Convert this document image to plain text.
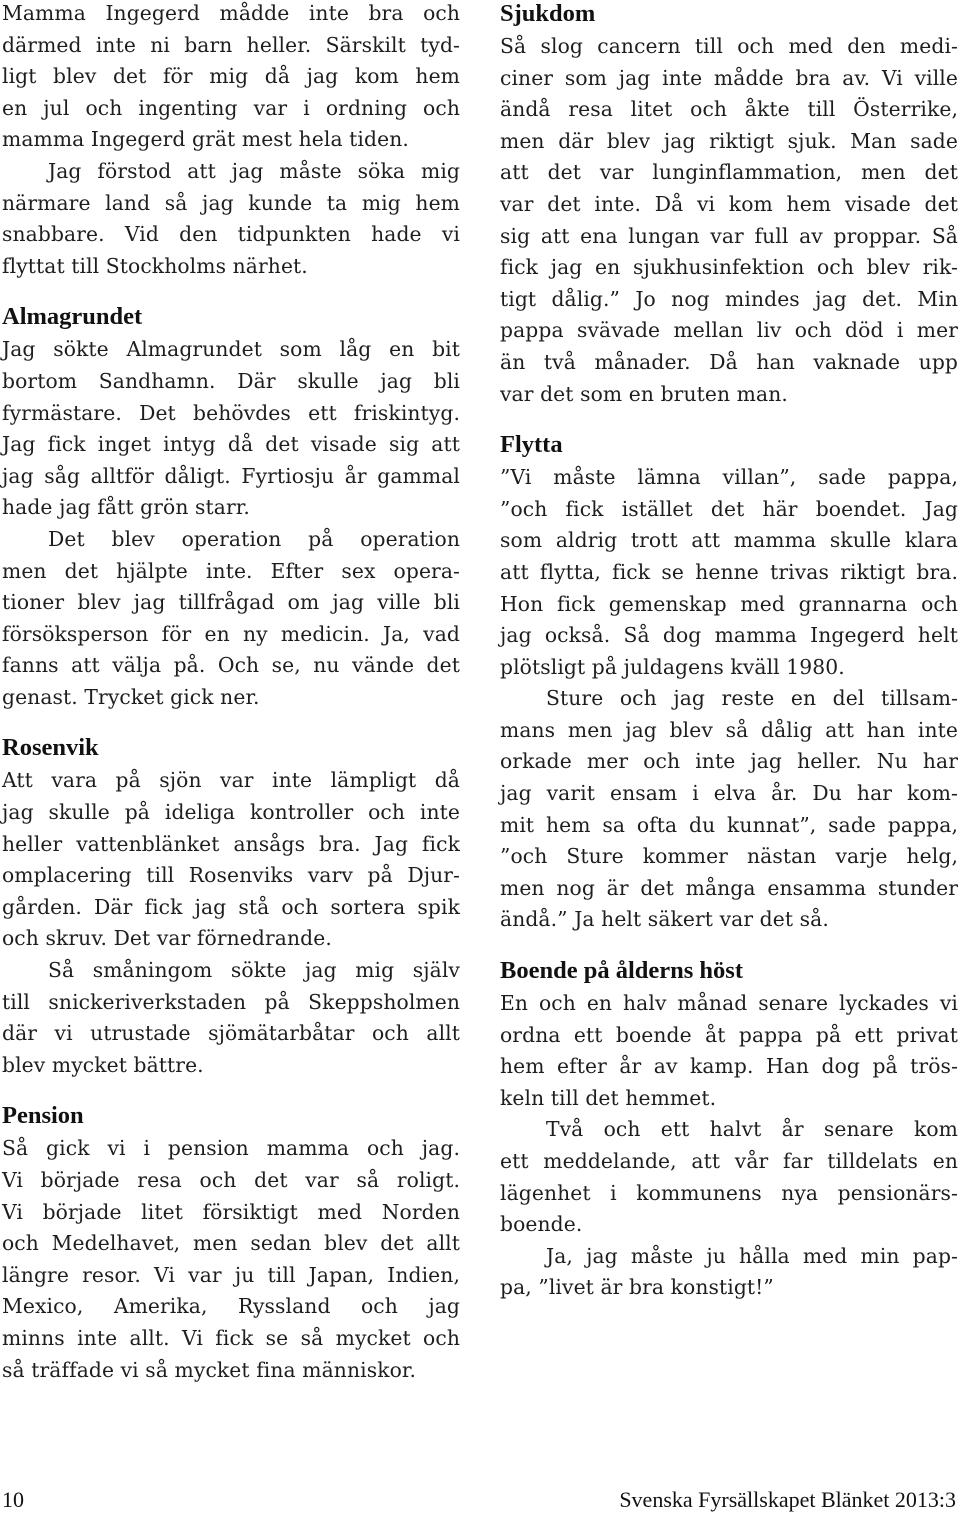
Mamma Ingegerd mådde inte bra och
därmed inte ni barn heller. Särskilt tyd-
ligt blev det för mig då jag kom hem
en jul och ingenting var i ordning och
mamma Ingegerd grät mest hela tiden.
Jag förstod att jag måste söka mig
närmare land så jag kunde ta mig hem
snabbare. Vid den tidpunkten hade vi
flyttat till Stockholms närhet.
Almagrundet
Jag sökte Almagrundet som låg en bit
bortom Sandhamn. Där skulle jag bli
fyrmästare. Det behövdes ett friskintyg.
Jag fick inget intyg då det visade sig att
jag såg alltför dåligt. Fyrtiosju år gammal
hade jag fått grön starr.
Det blev operation på operation
men det hjälpte inte. Efter sex opera-
tioner blev jag tillfrågad om jag ville bli
försöksperson för en ny medicin. Ja, vad
fanns att välja på. Och se, nu vände det
genast. Trycket gick ner.
Rosenvik
Att vara på sjön var inte lämpligt då
jag skulle på ideliga kontroller och inte
heller vattenblänket ansågs bra. Jag fick
omplacering till Rosenviks varv på Djur-
gården. Där fick jag stå och sortera spik
och skruv. Det var förnedrande.
Så småningom sökte jag mig själv
till snickeriverkstaden på Skeppsholmen
där vi utrustade sjömätarbåtar och allt
blev mycket bättre.
Pension
Så gick vi i pension mamma och jag.
Vi började resa och det var så roligt.
Vi började litet försiktigt med Norden
och Medelhavet, men sedan blev det allt
längre resor. Vi var ju till Japan, Indien,
Mexico, Amerika, Ryssland och jag
minns inte allt. Vi fick se så mycket och
så träffade vi så mycket fina människor.
Sjukdom
Så slog cancern till och med den medi-
ciner som jag inte mådde bra av. Vi ville
ändå resa litet och åkte till Österrike,
men där blev jag riktigt sjuk. Man sade
att det var lunginflammation, men det
var det inte. Då vi kom hem visade det
sig att ena lungan var full av proppar. Så
fick jag en sjukhusinfektion och blev rik-
tigt dålig.” Jo nog mindes jag det. Min
pappa svävade mellan liv och död i mer
än två månader. Då han vaknade upp
var det som en bruten man.
Flytta
”Vi måste lämna villan”, sade pappa,
”och fick istället det här boendet. Jag
som aldrig trott att mamma skulle klara
att flytta, fick se henne trivas riktigt bra.
Hon fick gemenskap med grannarna och
jag också. Så dog mamma Ingegerd helt
plötsligt på juldagens kväll 1980.
Sture och jag reste en del tillsam-
mans men jag blev så dålig att han inte
orkade mer och inte jag heller. Nu har
jag varit ensam i elva år. Du har kom-
mit hem sa ofta du kunnat”, sade pappa,
”och Sture kommer nästan varje helg,
men nog är det många ensamma stunder
ändå.” Ja helt säkert var det så.
Boende på ålderns höst
En och en halv månad senare lyckades vi
ordna ett boende åt pappa på ett privat
hem efter år av kamp. Han dog på trös-
keln till det hemmet.
Två och ett halvt år senare kom
ett meddelande, att vår far tilldelats en
lägenhet i kommunens nya pensionärs-
boende.
Ja, jag måste ju hålla med min pap-
pa, ”livet är bra konstigt!”
10	Svenska Fyrsällskapet Blänket 2013:3
